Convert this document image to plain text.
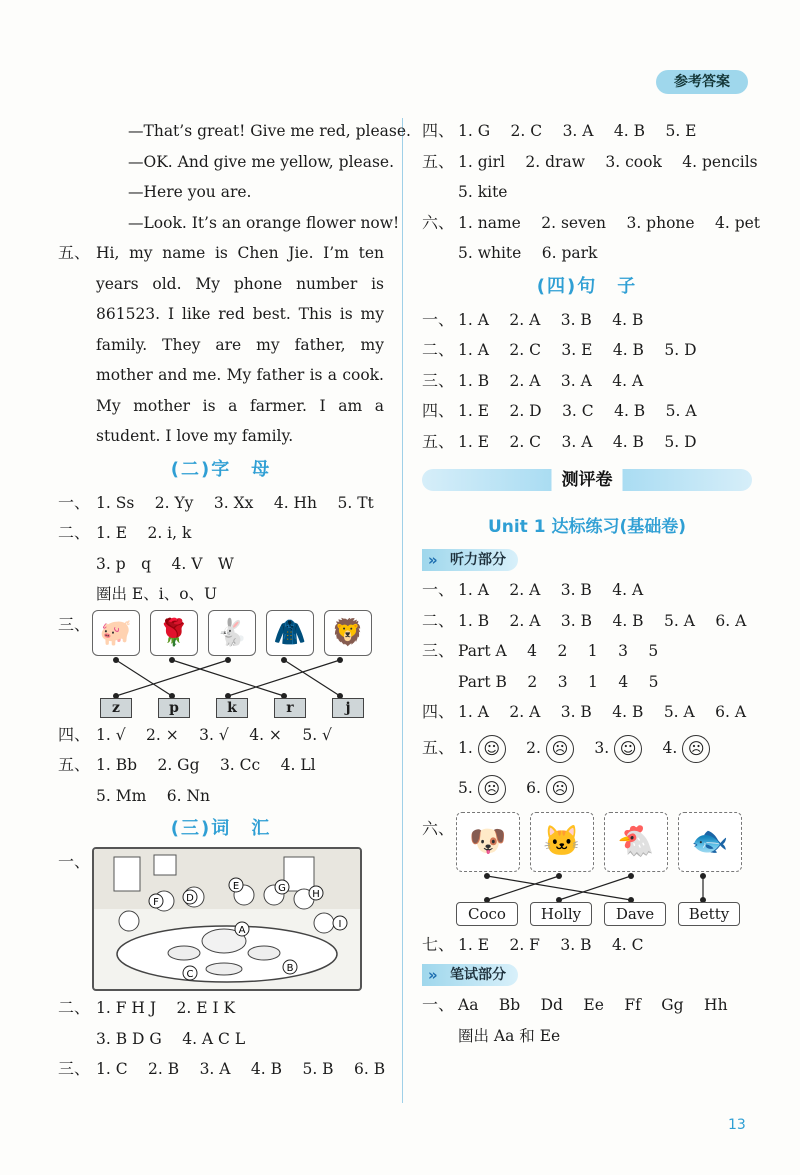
参考答案
—That’s great! Give me red, please.
—OK. And give me yellow, please.
—Here you are.
—Look. It’s an orange flower now!
五、 Hi, my name is Chen Jie. I’m ten years old. My phone number is 861523. I like red best. This is my family. They are my father, my mother and me. My father is a cook. My mother is a farmer. I am a student. I love my family.
(二)字　母
一、 1. Ss　 2. Yy　 3. Xx　 4. Hh　 5. Tt
二、 1. E　 2. i, k
3. p　q　 4. V　W
圈出 E、i、o、U
三、 🐖 🌹 🐇 🧥 🦁
z	p	k	r	j
四、 1. √　 2. ×　 3. √　 4. ×　 5. √
五、 1. Bb　 2. Gg　 3. Cc　 4. Ll
5. Mm　 6. Nn
(三)词　汇
一、
F	D
E	G
H
A
I
C
B
二、 1. F H J　 2. E I K
3. B D G　 4. A C L
三、 1. C　 2. B　 3. A　 4. B　 5. B　 6. B
四、 1. G　 2. C　 3. A　 4. B　 5. E
五、 1. girl　 2. draw　 3. cook　 4. pencils
5. kite
六、 1. name　 2. seven　 3. phone　 4. pet
5. white　 6. park
(四)句　子
一、 1. A　 2. A　 3. B　 4. B
二、 1. A　 2. C　 3. E　 4. B　 5. D
三、 1. B　 2. A　 3. A　 4. A
四、 1. E　 2. D　 3. C　 4. B　 5. A
五、 1. E　 2. C　 3. A　 4. B　 5. D
测评卷
Unit 1 达标练习(基础卷)
» 听力部分
一、 1. A　 2. A　 3. B　 4. A
二、 1. B　 2. A　 3. B　 4. B　 5. A　 6. A
三、 Part A　 4　 2　 1　 3　 5
Part B　 2　 3　 1　 4　 5
四、 1. A　 2. A　 3. B　 4. B　 5. A　 6. A
五、 1. ☺　 2. ☹　 3. ☺　 4. ☹
5. ☹　 6. ☹
六、 🐶	🐱	🐔	🐟
Coco	Holly	Dave	Betty
七、 1. E　 2. F　 3. B　 4. C
» 笔试部分
一、 Aa　 Bb　 Dd　 Ee　 Ff　 Gg　 Hh
圈出 Aa 和 Ee
13
